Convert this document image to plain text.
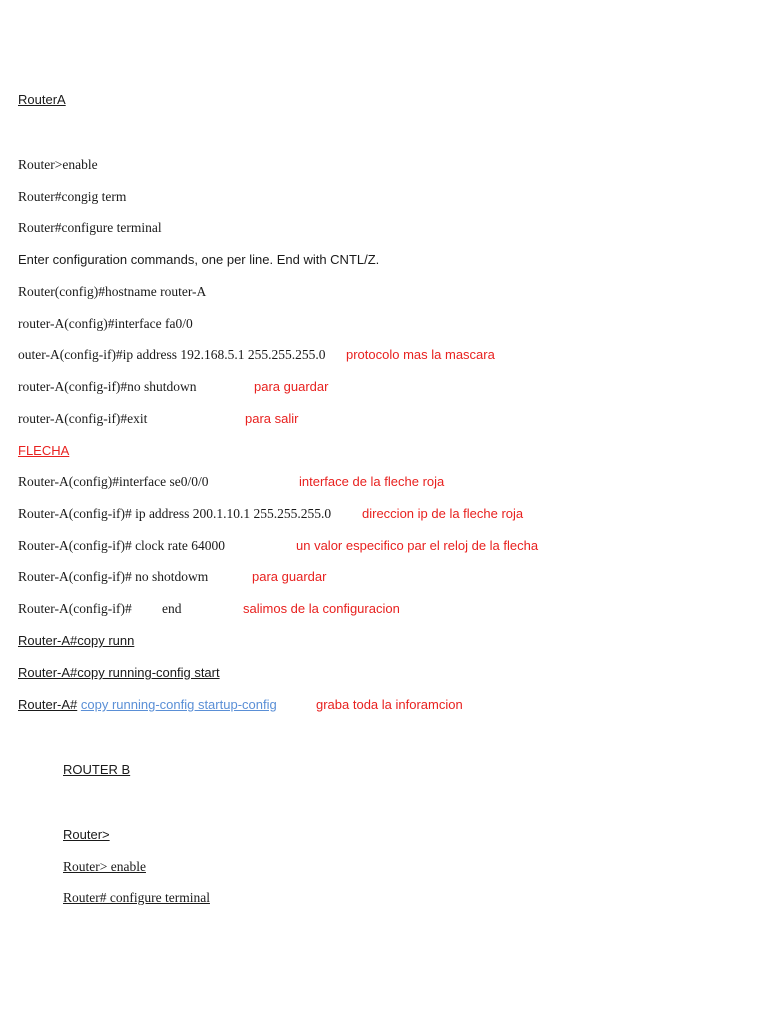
RouterA
Router>enable
Router#congig term
Router#configure terminal
Enter configuration commands, one per line. End with CNTL/Z.
Router(config)#hostname router-A
router-A(config)#interface fa0/0
outer-A(config-if)#ip address 192.168.5.1 255.255.255.0 protocolo mas la mascara
router-A(config-if)#no shutdown	para guardar
router-A(config-if)#exit	para salir
FLECHA
Router-A(config)#interface se0/0/0	interface de la fleche roja
Router-A(config-if)# ip address 200.1.10.1 255.255.255.0 direccion ip de la fleche roja
Router-A(config-if)# clock rate 64000	un valor especifico par el reloj de la flecha
Router-A(config-if)# no shotdowm	para guardar
Router-A(config-if)# end	salimos de la configuracion
Router-A#copy runn
Router-A#copy running-config start
Router-A# copy running-config startup-config	graba toda la inforamcion
ROUTER B
Router>
Router> enable
Router# configure terminal
